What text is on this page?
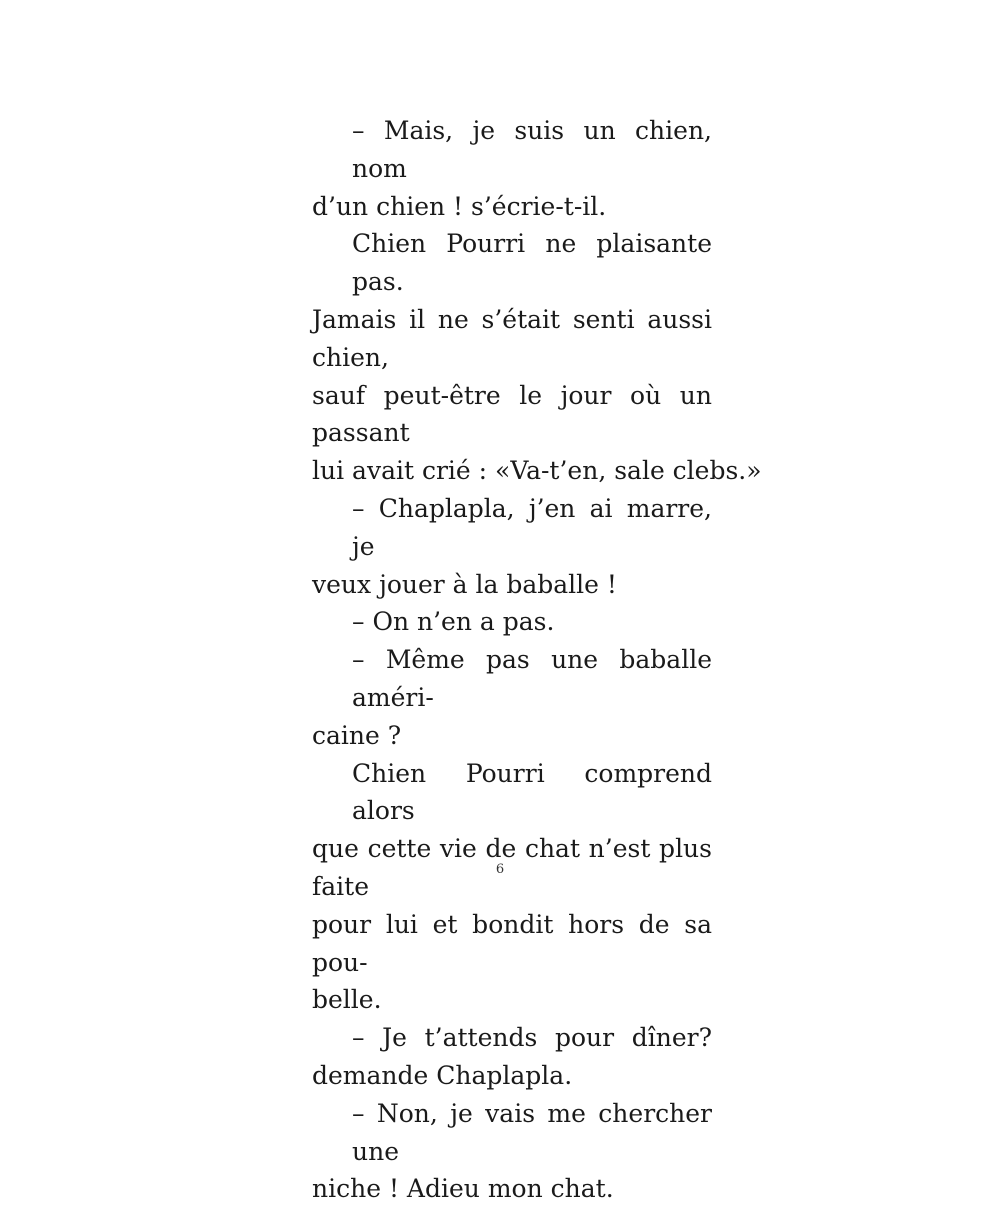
– Mais, je suis un chien, nom
d’un chien ! s’écrie-t-il.
Chien Pourri ne plaisante pas.
Jamais il ne s’était senti aussi chien,
sauf peut-être le jour où un passant
lui avait crié : «Va-t’en, sale clebs.»
– Chaplapla, j’en ai marre, je
veux jouer à la baballe !
– On n’en a pas.
– Même pas une baballe améri-
caine ?
Chien Pourri comprend alors
que cette vie de chat n’est plus faite
pour lui et bondit hors de sa pou-
belle.
– Je t’attends pour dîner?
demande Chaplapla.
– Non, je vais me chercher une
niche ! Adieu mon chat.
6
